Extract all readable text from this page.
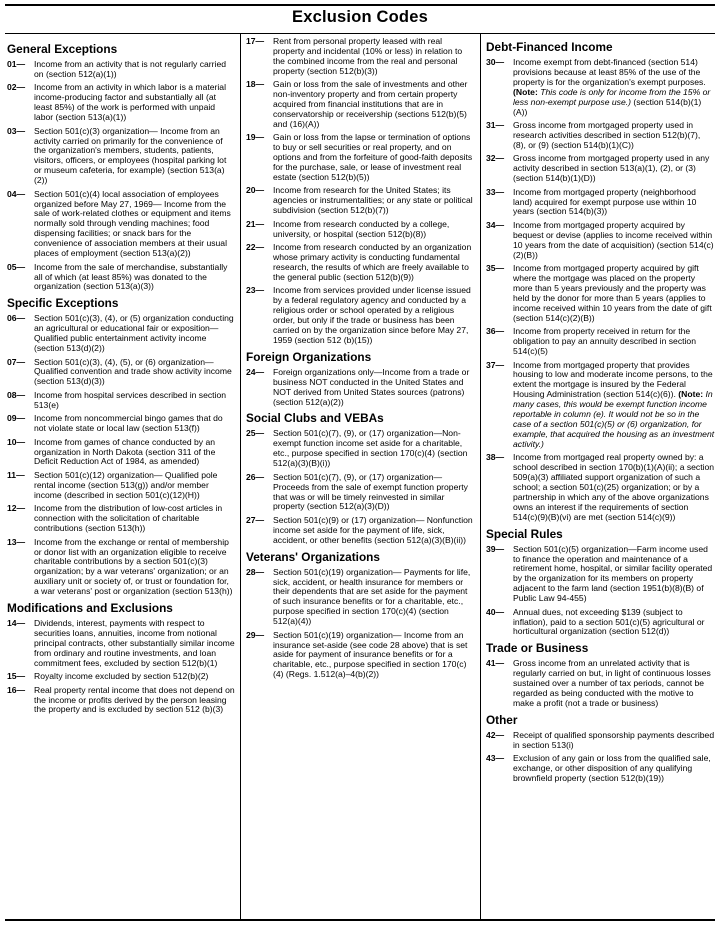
Exclusion Codes
General Exceptions
01—	Income from an activity that is not regularly carried on (section 512(a)(1))
02—	Income from an activity in which labor is a material income-producing factor and substantially all (at least 85%) of the work is performed with unpaid labor (section 513(a)(1))
03—	Section 501(c)(3) organization— Income from an activity carried on primarily for the convenience of the organization's members, students, patients, visitors, officers, or employees (hospital parking lot or museum cafeteria, for example) (section 513(a)(2))
04—	Section 501(c)(4) local association of employees organized before May 27, 1969— Income from the sale of work-related clothes or equipment and items normally sold through vending machines; food dispensing facilities; or snack bars for the convenience of association members at their usual places of employment (section 513(a)(2))
05—	Income from the sale of merchandise, substantially all of which (at least 85%) was donated to the organization (section 513(a)(3))
Specific Exceptions
06—	Section 501(c)(3), (4), or (5) organization conducting an agricultural or educational fair or exposition— Qualified public entertainment activity income (section 513(d)(2))
07—	Section 501(c)(3), (4), (5), or (6) organization—Qualified convention and trade show activity income (section 513(d)(3))
08—	Income from hospital services described in section 513(e)
09—	Income from noncommercial bingo games that do not violate state or local law (section 513(f))
10—	Income from games of chance conducted by an organization in North Dakota (section 311 of the Deficit Reduction Act of 1984, as amended)
11—	Section 501(c)(12) organization— Qualified pole rental income (section 513(g)) and/or member income (described in section 501(c)(12)(H))
12—	Income from the distribution of low-cost articles in connection with the solicitation of charitable contributions (section 513(h))
13—	Income from the exchange or rental of membership or donor list with an organization eligible to receive charitable contributions by a section 501(c)(3) organization; by a war veterans' organization; or an auxiliary unit or society of, or trust or foundation for, a war veterans' post or organization (section 513(h))
Modifications and Exclusions
14—	Dividends, interest, payments with respect to securities loans, annuities, income from notional principal contracts, other substantially similar income from ordinary and routine investments, and loan commitment fees, excluded by section 512(b)(1)
15—	Royalty income excluded by section 512(b)(2)
16—	Real property rental income that does not depend on the income or profits derived by the person leasing the property and is excluded by section 512 (b)(3)
17—	Rent from personal property leased with real property and incidental (10% or less) in relation to the combined income from the real and personal property (section 512(b)(3))
18—	Gain or loss from the sale of investments and other non-inventory property and from certain property acquired from financial institutions that are in conservatorship or receivership (sections 512(b)(5) and (16)(A))
19—	Gain or loss from the lapse or termination of options to buy or sell securities or real property, and on options and from the forfeiture of good-faith deposits for the purchase, sale, or lease of investment real estate (section 512(b)(5))
20—	Income from research for the United States; its agencies or instrumentalities; or any state or political subdivision (section 512(b)(7))
21—	Income from research conducted by a college, university, or hospital (section 512(b)(8))
22—	Income from research conducted by an organization whose primary activity is conducting fundamental research, the results of which are freely available to the general public (section 512(b)(9))
23—	Income from services provided under license issued by a federal regulatory agency and conducted by a religious order or school operated by a religious order, but only if the trade or business has been carried on by the organization since before May 27, 1959 (section 512 (b)(15))
Foreign Organizations
24—	Foreign organizations only—Income from a trade or business NOT conducted in the United States and NOT derived from United States sources (patrons) (section 512(a)(2))
Social Clubs and VEBAs
25—	Section 501(c)(7), (9), or (17) organization—Non-exempt function income set aside for a charitable, etc., purpose specified in section 170(c)(4) (section 512(a)(3)(B)(i))
26—	Section 501(c)(7), (9), or (17) organization—Proceeds from the sale of exempt function property that was or will be timely reinvested in similar property (section 512(a)(3)(D))
27—	Section 501(c)(9) or (17) organization— Nonfunction income set aside for the payment of life, sick, accident, or other benefits (section 512(a)(3)(B)(ii))
Veterans' Organizations
28—	Section 501(c)(19) organization— Payments for life, sick, accident, or health insurance for members or their dependents that are set aside for the payment of such insurance benefits or for a charitable, etc., purpose specified in section 170(c)(4) (section 512(a)(4))
29—	Section 501(c)(19) organization— Income from an insurance set-aside (see code 28 above) that is set aside for payment of insurance benefits or for a charitable, etc., purpose specified in section 170(c)(4) (Regs. 1.512(a)–4(b)(2))
Debt-Financed Income
30—	Income exempt from debt-financed (section 514) provisions because at least 85% of the use of the property is for the organization's exempt purposes. (Note: This code is only for income from the 15% or less non-exempt purpose use.) (section 514(b)(1)(A))
31—	Gross income from mortgaged property used in research activities described in section 512(b)(7), (8), or (9) (section 514(b)(1)(C))
32—	Gross income from mortgaged property used in any activity described in section 513(a)(1), (2), or (3) (section 514(b)(1)(D))
33—	Income from mortgaged property (neighborhood land) acquired for exempt purpose use within 10 years (section 514(b)(3))
34—	Income from mortgaged property acquired by bequest or devise (applies to income received within 10 years from the date of acquisition) (section 514(c)(2)(B))
35—	Income from mortgaged property acquired by gift where the mortgage was placed on the property more than 5 years previously and the property was held by the donor for more than 5 years (applies to income received within 10 years from the date of gift (section 514(c)(2)(B))
36—	Income from property received in return for the obligation to pay an annuity described in section 514(c)(5)
37—	Income from mortgaged property that provides housing to low and moderate income persons, to the extent the mortgage is insured by the Federal Housing Administration (section 514(c)(6)). (Note: In many cases, this would be exempt function income reportable in column (e). It would not be so in the case of a section 501(c)(5) or (6) organization, for example, that acquired the housing as an investment activity.)
38—	Income from mortgaged real property owned by: a school described in section 170(b)(1)(A)(ii); a section 509(a)(3) affiliated support organization of such a school; a section 501(c)(25) organization; or by a partnership in which any of the above organizations owns an interest if the requirements of section 514(c)(9)(B)(vi) are met (section 514(c)(9))
Special Rules
39—	Section 501(c)(5) organization—Farm income used to finance the operation and maintenance of a retirement home, hospital, or similar facility operated by the organization for its members on property adjacent to the farm land (section 1951(b)(8)(B) of Public Law 94-455)
40—	Annual dues, not exceeding $139 (subject to inflation), paid to a section 501(c)(5) agricultural or horticultural organization (section 512(d))
Trade or Business
41—	Gross income from an unrelated activity that is regularly carried on but, in light of continuous losses sustained over a number of tax periods, cannot be regarded as being conducted with the motive to make a profit (not a trade or business)
Other
42—	Receipt of qualified sponsorship payments described in section 513(i)
43—	Exclusion of any gain or loss from the qualified sale, exchange, or other disposition of any qualifying brownfield property (section 512(b)(19))
